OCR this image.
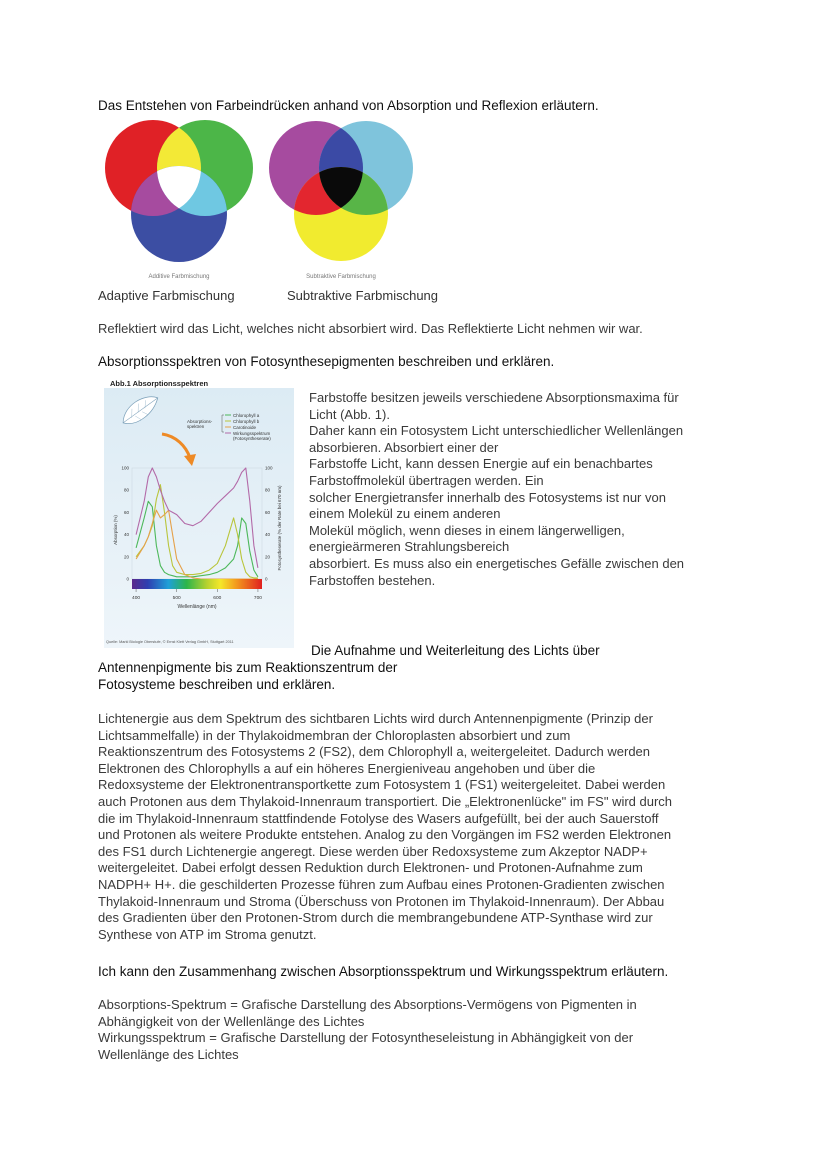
Das Entstehen von Farbeindrücken anhand von Absorption und Reflexion erläutern.
Additive Farbmischung	Subtraktive Farbmischung
Adaptive Farbmischung	Subtraktive Farbmischung
Reflektiert wird das Licht, welches nicht absorbiert wird. Das Reflektierte Licht nehmen wir war.
Absorptionsspektren von Fotosynthesepigmenten beschreiben und erklären.
Abb.1 Absorptionsspektren
Absorptions-
spektren
Chlorophyll a
Chlorophyll b
Carotinoide
Wirkungsspektrum
(Fotosyntheserate)
Absorption (%)	Fotosyntheserate (% der Rate bei 670 nm)
100
80
60
40
20
0
100
80
60
40
20
0
400	500	600	700
Wellenlänge (nm)
Quelle: Markl Biologie Oberstufe, © Ernst Klett Verlag GmbH, Stuttgart 2011
Farbstoffe besitzen jeweils verschiedene Absorptionsmaxima für
Licht (Abb. 1).
Daher kann ein Fotosystem Licht unterschiedlicher Wellenlängen
absorbieren. Absorbiert einer der
Farbstoffe Licht, kann dessen Energie auf ein benachbartes
Farbstoffmolekül übertragen werden. Ein
solcher Energietransfer innerhalb des Fotosystems ist nur von
einem Molekül zu einem anderen
Molekül möglich, wenn dieses in einem längerwelligen,
energieärmeren Strahlungsbereich
absorbiert. Es muss also ein energetisches Gefälle zwischen den
Farbstoffen bestehen.
Die Aufnahme und Weiterleitung des Lichts über
Antennenpigmente bis zum Reaktionszentrum der
Fotosysteme beschreiben und erklären.
Lichtenergie aus dem Spektrum des sichtbaren Lichts wird durch Antennenpigmente (Prinzip der
Lichtsammelfalle) in der Thylakoidmembran der Chloroplasten absorbiert und zum
Reaktionszentrum des Fotosystems 2 (FS2), dem Chlorophyll a, weitergeleitet. Dadurch werden
Elektronen des Chlorophylls a auf ein höheres Energieniveau angehoben und über die
Redoxsysteme der Elektronentransportkette zum Fotosystem 1 (FS1) weitergeleitet. Dabei werden
auch Protonen aus dem Thylakoid-Innenraum transportiert. Die „Elektronenlücke" im FS" wird durch
die im Thylakoid-Innenraum stattfindende Fotolyse des Wasers aufgefüllt, bei der auch Sauerstoff
und Protonen als weitere Produkte entstehen. Analog zu den Vorgängen im FS2 werden Elektronen
des FS1 durch Lichtenergie angeregt. Diese werden über Redoxsysteme zum Akzeptor NADP+
weitergeleitet. Dabei erfolgt dessen Reduktion durch Elektronen- und Protonen-Aufnahme zum
NADPH+ H+. die geschilderten Prozesse führen zum Aufbau eines Protonen-Gradienten zwischen
Thylakoid-Innenraum und Stroma (Überschuss von Protonen im Thylakoid-Innenraum). Der Abbau
des Gradienten über den Protonen-Strom durch die membrangebundene ATP-Synthase wird zur
Synthese von ATP im Stroma genutzt.
Ich kann den Zusammenhang zwischen Absorptionsspektrum und Wirkungsspektrum erläutern.
Absorptions-Spektrum = Grafische Darstellung des Absorptions-Vermögens von Pigmenten in
Abhängigkeit von der Wellenlänge des Lichtes
Wirkungsspektrum = Grafische Darstellung der Fotosyntheseleistung in Abhängigkeit von der
Wellenlänge des Lichtes
